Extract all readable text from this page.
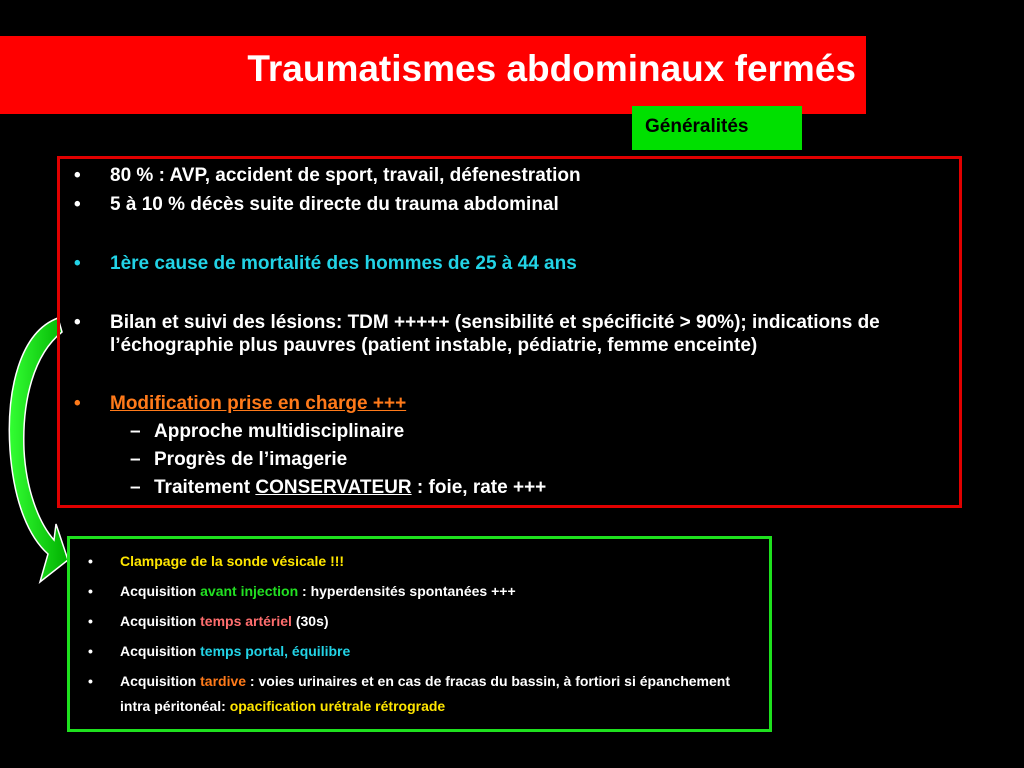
Traumatismes abdominaux fermés
Généralités
• 80 % : AVP, accident de sport, travail, défenestration
• 5 à 10 % décès suite directe du trauma abdominal
• 1ère cause de mortalité des hommes de 25 à 44 ans
• Bilan et suivi des lésions: TDM +++++ (sensibilité et spécificité > 90%); indications de l’échographie plus pauvres (patient instable, pédiatrie, femme enceinte)
• Modification prise en charge +++
– Approche multidisciplinaire
– Progrès de l’imagerie
– Traitement CONSERVATEUR : foie, rate +++
• Clampage de la sonde vésicale !!!
• Acquisition avant injection : hyperdensités spontanées +++
• Acquisition temps artériel (30s)
• Acquisition temps portal, équilibre
• Acquisition tardive : voies urinaires et en cas de fracas du bassin, à fortiori si épanchement intra péritonéal: opacification urétrale rétrograde
